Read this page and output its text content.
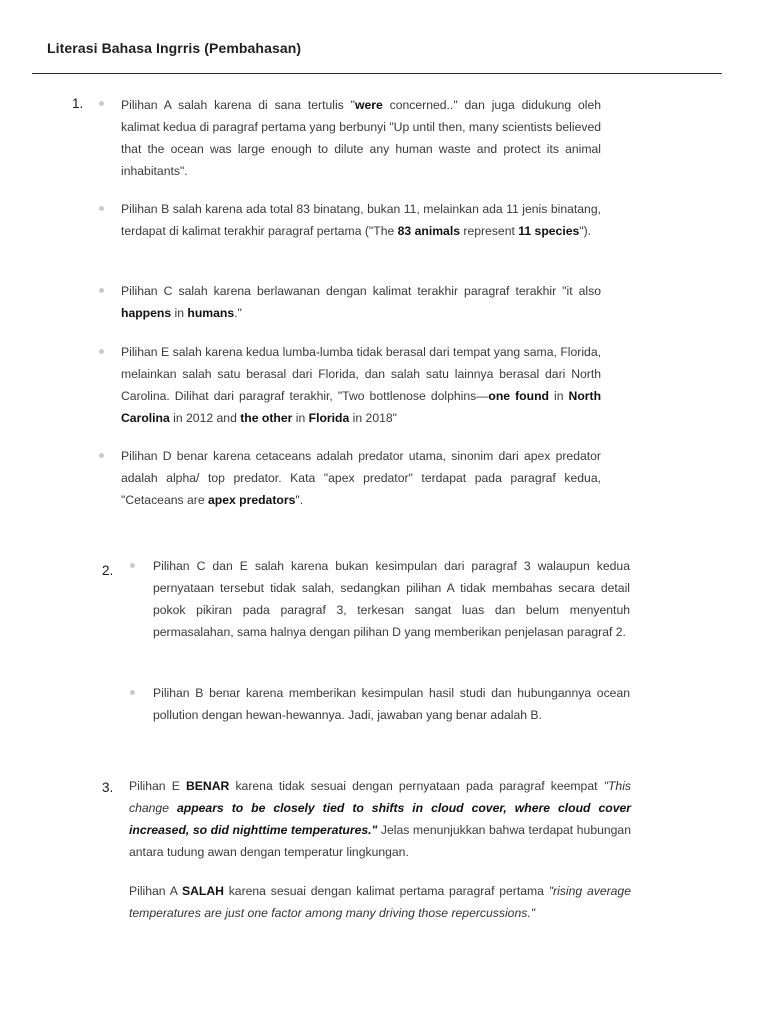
Literasi Bahasa Ingrris (Pembahasan)
1.	Pilihan A salah karena di sana tertulis "were concerned.." dan juga didukung oleh kalimat kedua di paragraf pertama yang berbunyi "Up until then, many scientists believed that the ocean was large enough to dilute any human waste and protect its animal inhabitants".
Pilihan B salah karena ada total 83 binatang, bukan 11, melainkan ada 11 jenis binatang, terdapat di kalimat terakhir paragraf pertama ("The 83 animals represent 11 species").
Pilihan C salah karena berlawanan dengan kalimat terakhir paragraf terakhir "it also happens in humans."
Pilihan E salah karena kedua lumba-lumba tidak berasal dari tempat yang sama, Florida, melainkan salah satu berasal dari Florida, dan salah satu lainnya berasal dari North Carolina. Dilihat dari paragraf terakhir, "Two bottlenose dolphins—one found in North Carolina in 2012 and the other in Florida in 2018"
Pilihan D benar karena cetaceans adalah predator utama, sinonim dari apex predator adalah alpha/ top predator. Kata "apex predator" terdapat pada paragraf kedua, "Cetaceans are apex predators".
2.	Pilihan C dan E salah karena bukan kesimpulan dari paragraf 3 walaupun kedua pernyataan tersebut tidak salah, sedangkan pilihan A tidak membahas secara detail pokok pikiran pada paragraf 3, terkesan sangat luas dan belum menyentuh permasalahan, sama halnya dengan pilihan D yang memberikan penjelasan paragraf 2.
Pilihan B benar karena memberikan kesimpulan hasil studi dan hubungannya ocean pollution dengan hewan-hewannya. Jadi, jawaban yang benar adalah B.
3. Pilihan E BENAR karena tidak sesuai dengan pernyataan pada paragraf keempat "This change appears to be closely tied to shifts in cloud cover, where cloud cover increased, so did nighttime temperatures." Jelas menunjukkan bahwa terdapat hubungan antara tudung awan dengan temperatur lingkungan.
Pilihan A SALAH karena sesuai dengan kalimat pertama paragraf pertama "rising average temperatures are just one factor among many driving those repercussions."
